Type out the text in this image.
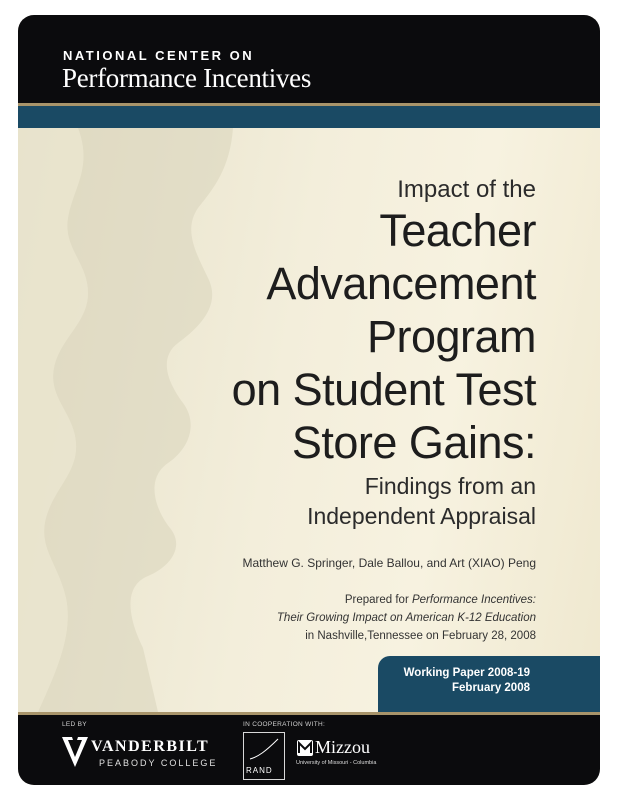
NATIONAL CENTER ON
Performance Incentives
Impact of the
Teacher
Advancement
Program
on Student Test
Store Gains:
Findings from an
Independent Appraisal
Matthew G. Springer, Dale Ballou, and Art (XIAO) Peng
Prepared for Performance Incentives:
Their Growing Impact on American K-12 Education
in Nashville,Tennessee on February 28, 2008
Working Paper 2008-19
February 2008
LED BY	IN COOPERATION WITH:
VANDERBILT
PEABODY COLLEGE
RAND
Mizzou
University of Missouri - Columbia
